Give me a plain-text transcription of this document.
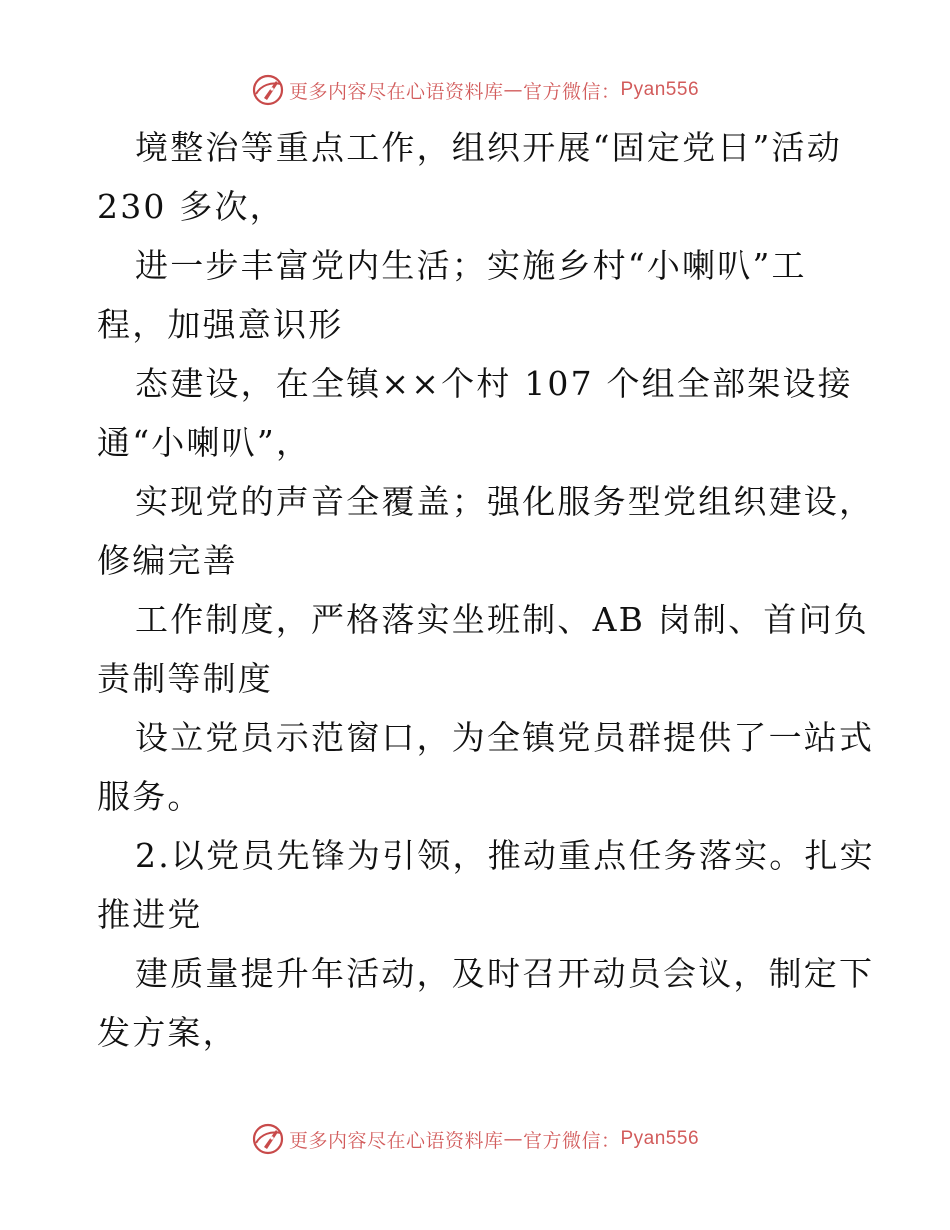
更多内容尽在心语资料库 — 官方微信： Pyan556
境整治等重点工作，组织开展“固定党日”活动
230 多次，
进一步丰富党内生活；实施乡村“小喇叭”工
程，加强意识形
态建设，在全镇××个村 107 个组全部架设接
通“小喇叭”，
实现党的声音全覆盖；强化服务型党组织建设，
修编完善
工作制度，严格落实坐班制、AB 岗制、首问负
责制等制度
设立党员示范窗口，为全镇党员群提供了一站式
服务。
2.以党员先锋为引领，推动重点任务落实。扎实
推进党
建质量提升年活动，及时召开动员会议，制定下
发方案，
更多内容尽在心语资料库 — 官方微信： Pyan556
